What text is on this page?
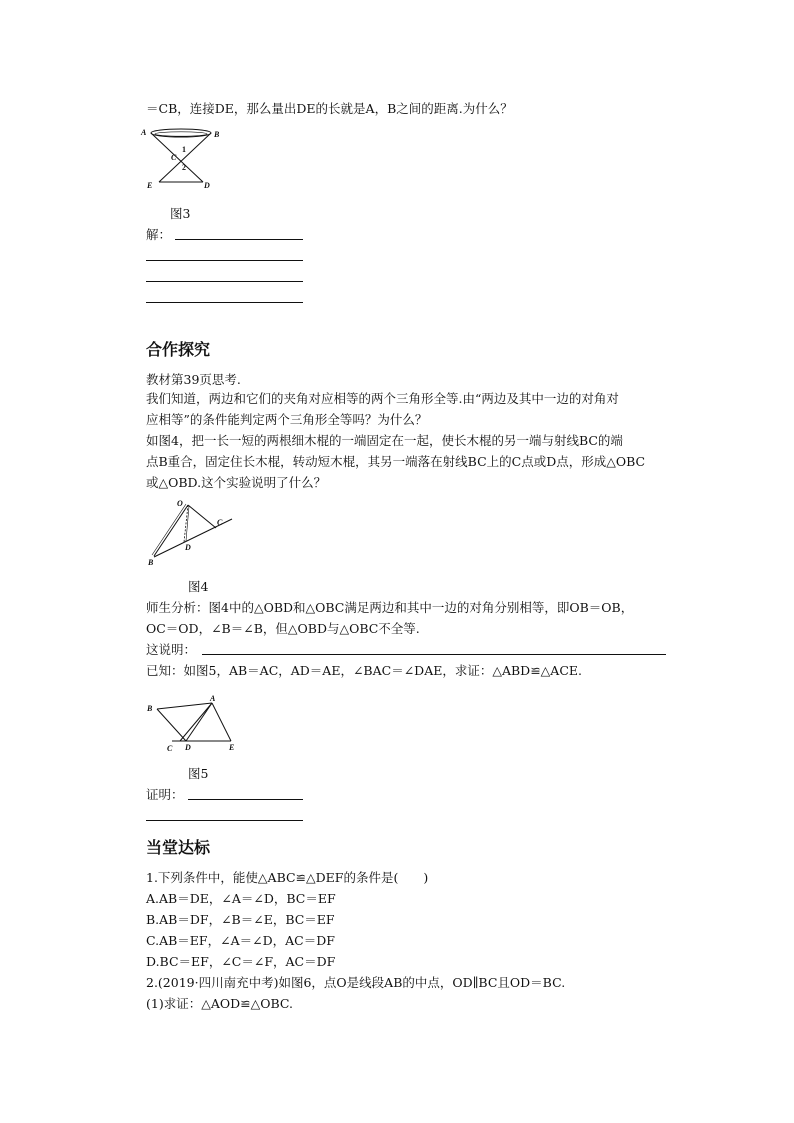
＝CB，连接DE，那么量出DE的长就是A，B之间的距离.为什么？
A	B
C
1
2
E	D
图3
解：
合作探究
教材第39页思考.
我们知道，两边和它们的夹角对应相等的两个三角形全等.由“两边及其中一边的对角对
应相等”的条件能判定两个三角形全等吗？为什么？
如图4，把一长一短的两根细木棍的一端固定在一起，使长木棍的另一端与射线BC的端
点B重合，固定住长木棍，转动短木棍，其另一端落在射线BC上的C点或D点，形成△OBC
或△OBD.这个实验说明了什么？
O
C
D
B
图4
师生分析：图4中的△OBD和△OBC满足两边和其中一边的对角分别相等，即OB＝OB，
OC＝OD，∠B＝∠B，但△OBD与△OBC不全等.
这说明：
已知：如图5，AB＝AC，AD＝AE，∠BAC＝∠DAE，求证：△ABD≌△ACE.
A
B
C D	E
图5
证明：
当堂达标
1.下列条件中，能使△ABC≌△DEF的条件是(　　)
A.AB＝DE，∠A＝∠D，BC＝EF
B.AB＝DF，∠B＝∠E，BC＝EF
C.AB＝EF，∠A＝∠D，AC＝DF
D.BC＝EF，∠C＝∠F，AC＝DF
2.(2019·四川南充中考)如图6，点O是线段AB的中点，OD∥BC且OD＝BC.
(1)求证：△AOD≌△OBC.
